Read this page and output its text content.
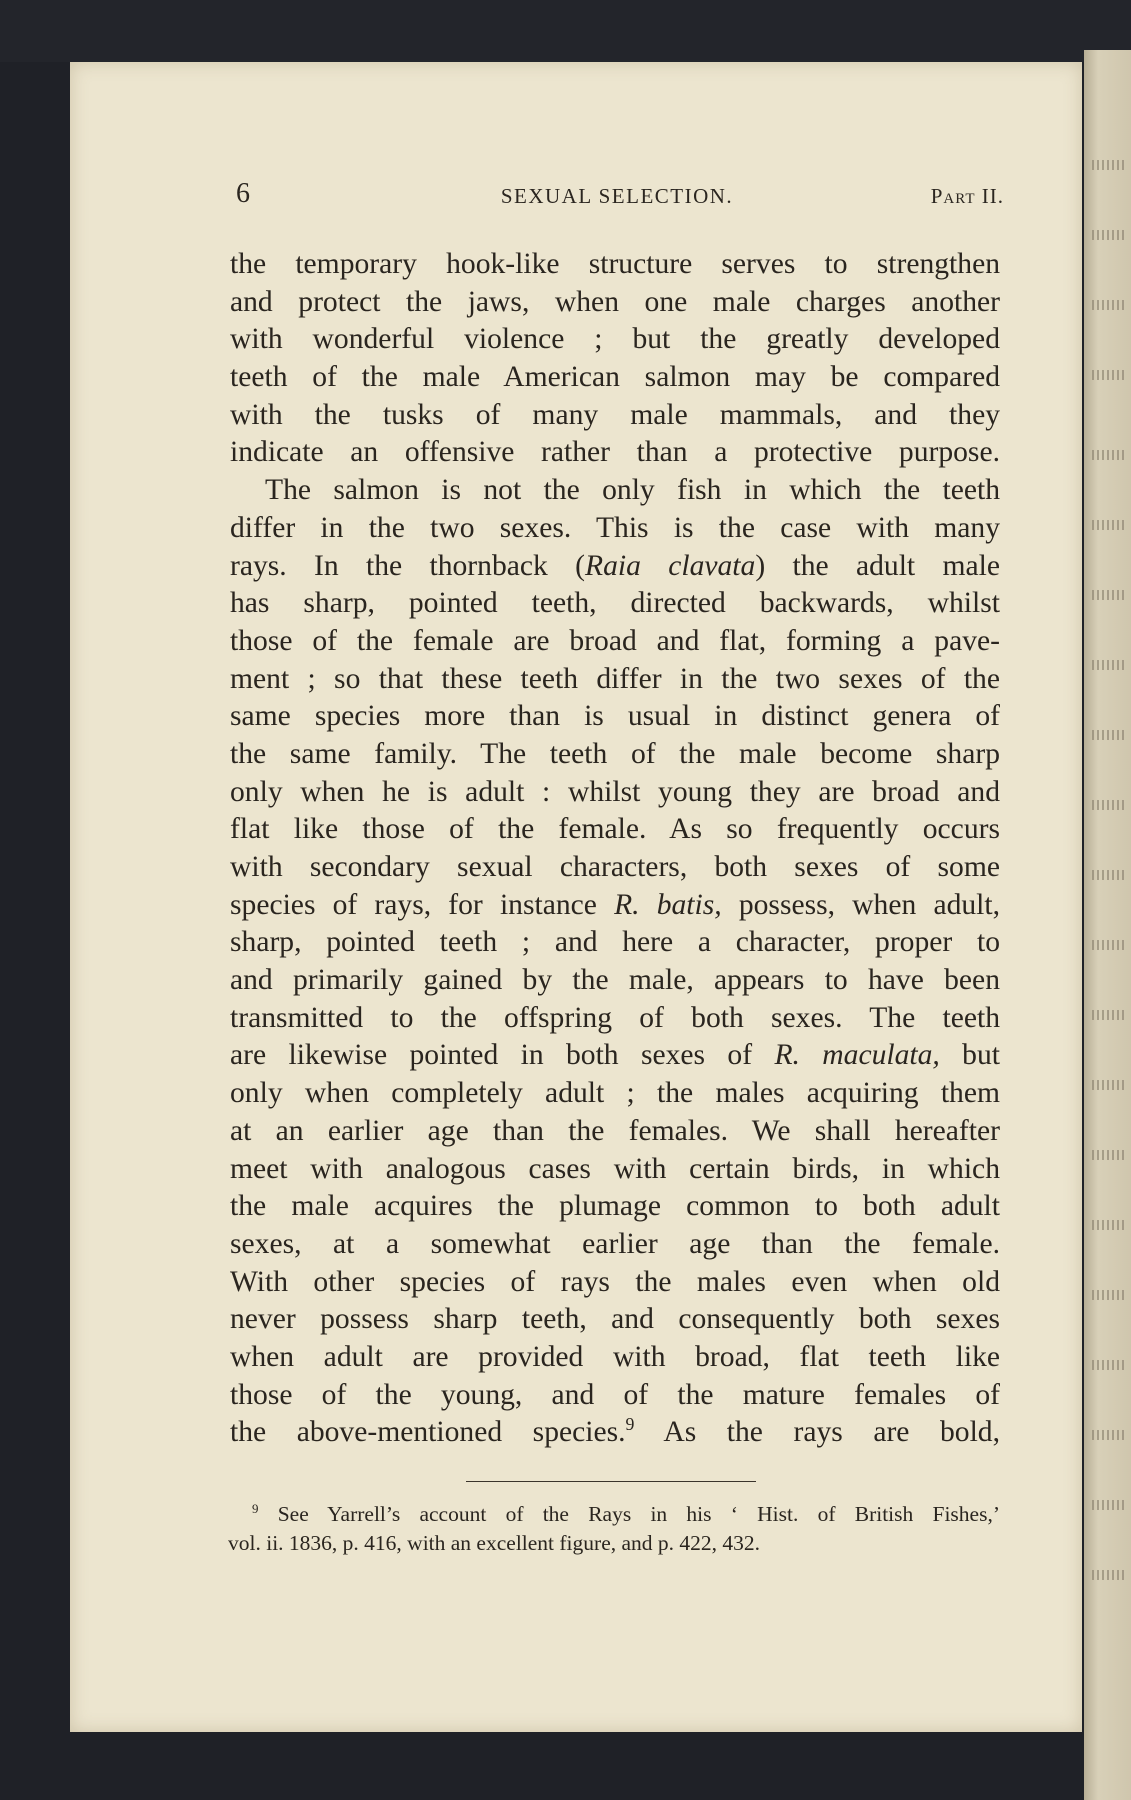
6	SEXUAL SELECTION.	Part II.
the temporary hook-like structure serves to strengthen
and protect the jaws, when one male charges another
with wonderful violence ; but the greatly developed
teeth of the male American salmon may be compared
with the tusks of many male mammals, and they
indicate an offensive rather than a protective purpose.
The salmon is not the only fish in which the teeth
differ in the two sexes. This is the case with many
rays. In the thornback (Raia clavata) the adult male
has sharp, pointed teeth, directed backwards, whilst
those of the female are broad and flat, forming a pave-
ment ; so that these teeth differ in the two sexes of the
same species more than is usual in distinct genera of
the same family. The teeth of the male become sharp
only when he is adult : whilst young they are broad and
flat like those of the female. As so frequently occurs
with secondary sexual characters, both sexes of some
species of rays, for instance R. batis, possess, when adult,
sharp, pointed teeth ; and here a character, proper to
and primarily gained by the male, appears to have been
transmitted to the offspring of both sexes. The teeth
are likewise pointed in both sexes of R. maculata, but
only when completely adult ; the males acquiring them
at an earlier age than the females. We shall hereafter
meet with analogous cases with certain birds, in which
the male acquires the plumage common to both adult
sexes, at a somewhat earlier age than the female.
With other species of rays the males even when old
never possess sharp teeth, and consequently both sexes
when adult are provided with broad, flat teeth like
those of the young, and of the mature females of
the above-mentioned species.$^9$ As the rays are bold,
$^9$ See Yarrell’s account of the Rays in his ‘ Hist. of British Fishes,’
vol. ii. 1836, p. 416, with an excellent figure, and p. 422, 432.
